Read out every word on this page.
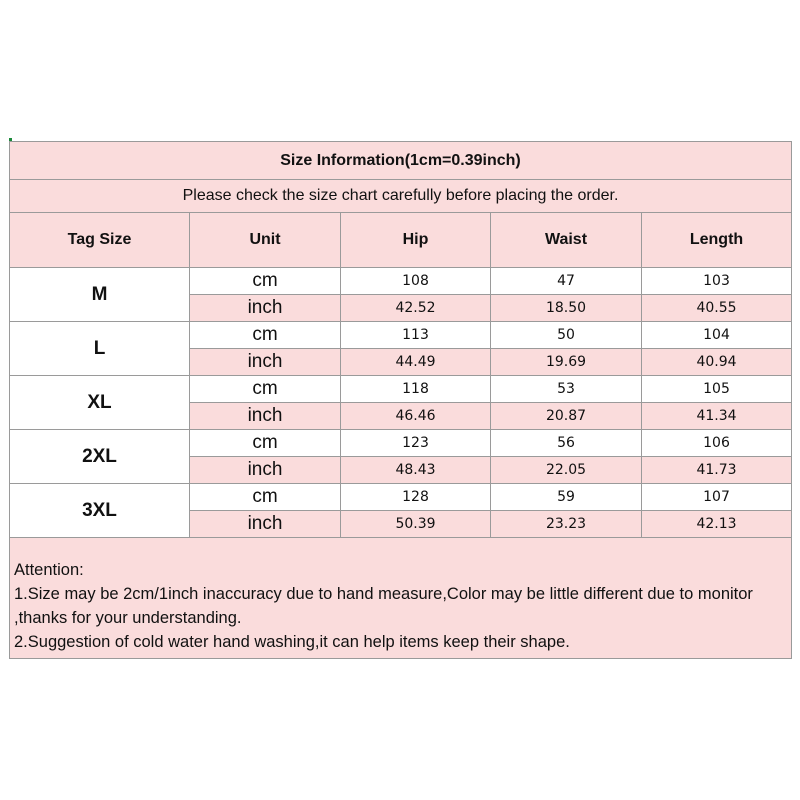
Size Information(1cm=0.39inch)				
Please check the size chart carefully before placing the order.				
Tag Size	Unit	Hip	Waist	Length
M	cm	108	47	103
	inch	42.52	18.50	40.55
L	cm	113	50	104
	inch	44.49	19.69	40.94
XL	cm	118	53	105
	inch	46.46	20.87	41.34
2XL	cm	123	56	106
	inch	48.43	22.05	41.73
3XL	cm	128	59	107
	inch	50.39	23.23	42.13

Attention:
1.Size may be 2cm/1inch inaccuracy due to hand measure,Color may be little different due to monitor ,thanks for your understanding.
2.Suggestion of cold water hand washing,it can help items keep their shape.				
